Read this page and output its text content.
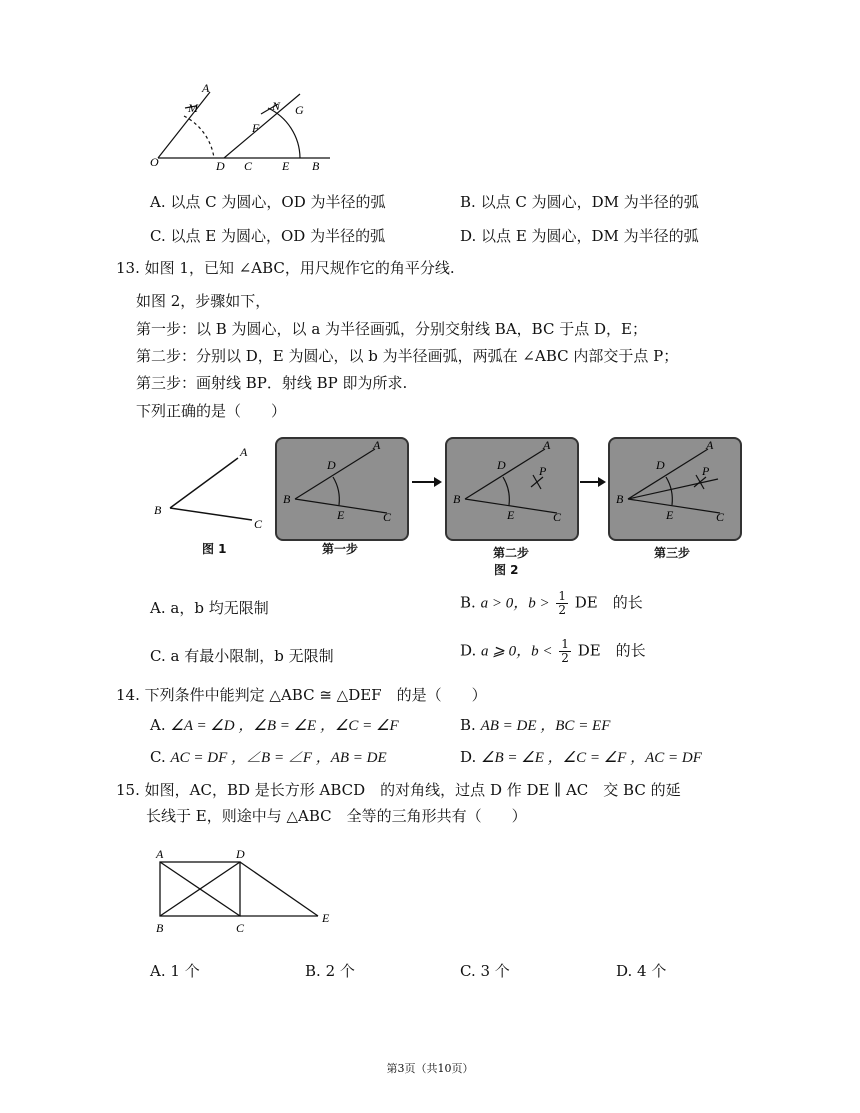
A
M
O	D
N G
F
C E B
A. 以点 C 为圆心，OD 为半径的弧	B. 以点 C 为圆心，DM 为半径的弧
C. 以点 E 为圆心，OD 为半径的弧	D. 以点 E 为圆心，DM 为半径的弧
13. 如图 1，已知 ∠ABC，用尺规作它的角平分线.
如图 2，步骤如下，
第一步：以 B 为圆心，以 a 为半径画弧，分别交射线 BA，BC 于点 D，E；
第二步：分别以 D，E 为圆心，以 b 为半径画弧，两弧在 ∠ABC 内部交于点 P；
第三步：画射线 BP．射线 BP 即为所求.
下列正确的是（　　）
A
B
C
图 1
A
D
B
E	C
第一步
A
D	P
B
E	C
第二步
图 2
A
D	P
B
E	C
第三步
A. a，b 均无限制	B. a > 0，$b > \frac{1}{2}$ DE　的长
C. a 有最小限制，b 无限制	D. a ⩾ 0，$b < \frac{1}{2}$ DE　的长
14. 下列条件中能判定 △ABC ≅ △DEF　的是（　　）
A. ∠A = ∠D ，∠B = ∠E ，∠C = ∠F	B. AB = DE ，BC = EF
C. AC = DF ，∠B = ∠F ，AB = DE	D. ∠B = ∠E ，∠C = ∠F ，AC = DF
15. 如图，AC，BD 是长方形 ABCD　的对角线，过点 D 作 DE ∥ AC　交 BC 的延
长线于 E，则途中与 △ABC　全等的三角形共有（　　）
A	D
B	C
E
A. 1 个	B. 2 个	C. 3 个	D. 4 个
第3页（共10页）
